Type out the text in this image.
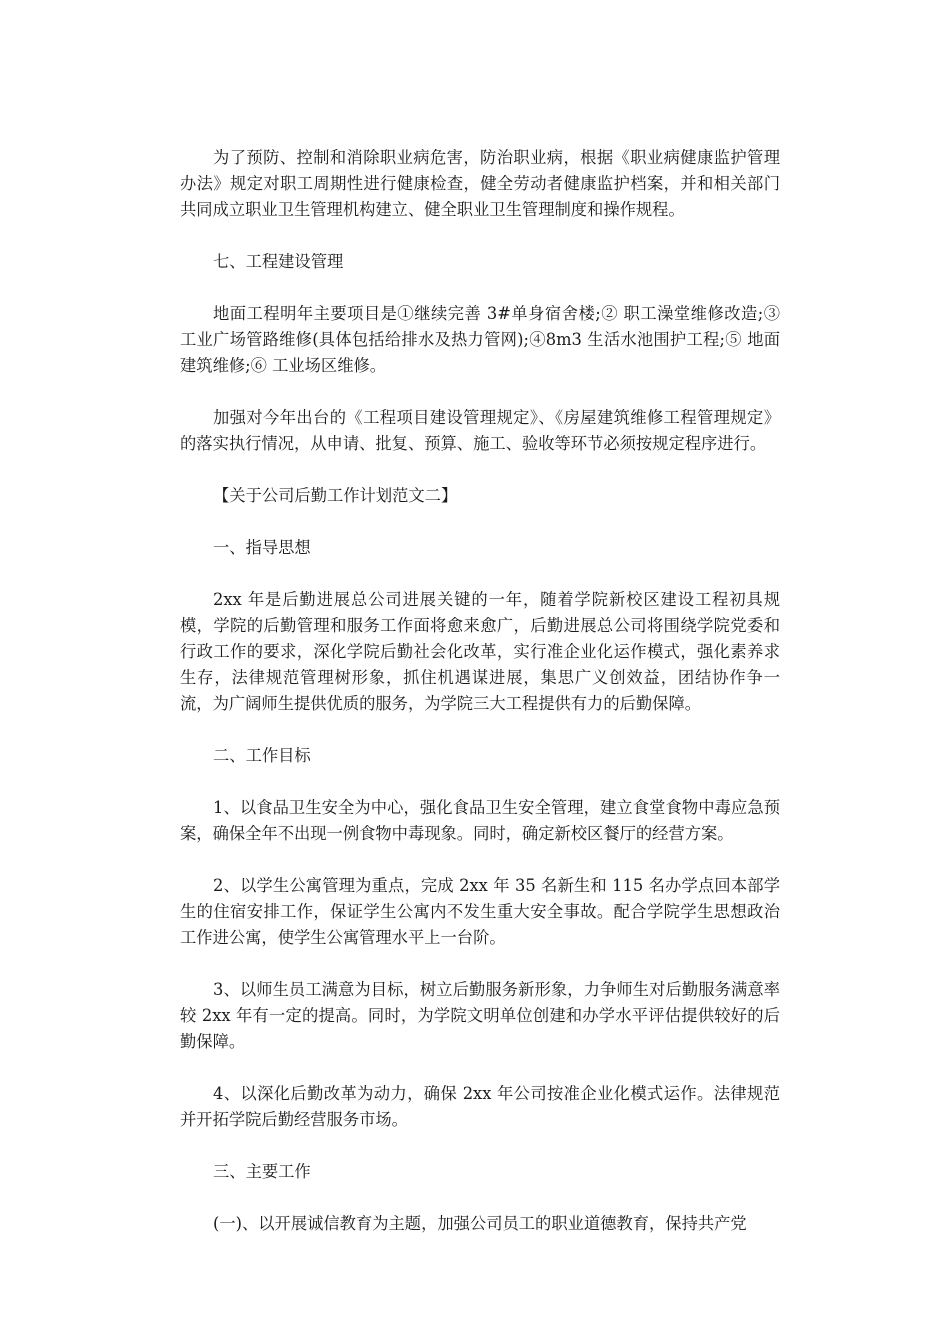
为了预防、控制和消除职业病危害，防治职业病，根据《职业病健康监护管理办法》规定对职工周期性进行健康检查，健全劳动者健康监护档案，并和相关部门共同成立职业卫生管理机构建立、健全职业卫生管理制度和操作规程。

七、工程建设管理

地面工程明年主要项目是①继续完善 3#单身宿舍楼;② 职工澡堂维修改造;③ 工业广场管路维修(具体包括给排水及热力管网);④8m3 生活水池围护工程;⑤ 地面建筑维修;⑥ 工业场区维修。

加强对今年出台的《工程项目建设管理规定》、《房屋建筑维修工程管理规定》的落实执行情况，从申请、批复、预算、施工、验收等环节必须按规定程序进行。

【关于公司后勤工作计划范文二】

一、指导思想

2xx 年是后勤进展总公司进展关键的一年，随着学院新校区建设工程初具规模，学院的后勤管理和服务工作面将愈来愈广，后勤进展总公司将围绕学院党委和行政工作的要求，深化学院后勤社会化改革，实行准企业化运作模式，强化素养求生存，法律规范管理树形象，抓住机遇谋进展，集思广义创效益，团结协作争一流，为广阔师生提供优质的服务，为学院三大工程提供有力的后勤保障。

二、工作目标

1、以食品卫生安全为中心，强化食品卫生安全管理，建立食堂食物中毒应急预案，确保全年不出现一例食物中毒现象。同时，确定新校区餐厅的经营方案。

2、以学生公寓管理为重点，完成 2xx 年 35 名新生和 115 名办学点回本部学生的住宿安排工作，保证学生公寓内不发生重大安全事故。配合学院学生思想政治工作进公寓，使学生公寓管理水平上一台阶。

3、以师生员工满意为目标，树立后勤服务新形象，力争师生对后勤服务满意率较 2xx 年有一定的提高。同时，为学院文明单位创建和办学水平评估提供较好的后勤保障。

4、以深化后勤改革为动力，确保 2xx 年公司按准企业化模式运作。法律规范并开拓学院后勤经营服务市场。

三、主要工作

(一)、以开展诚信教育为主题，加强公司员工的职业道德教育，保持共产党
